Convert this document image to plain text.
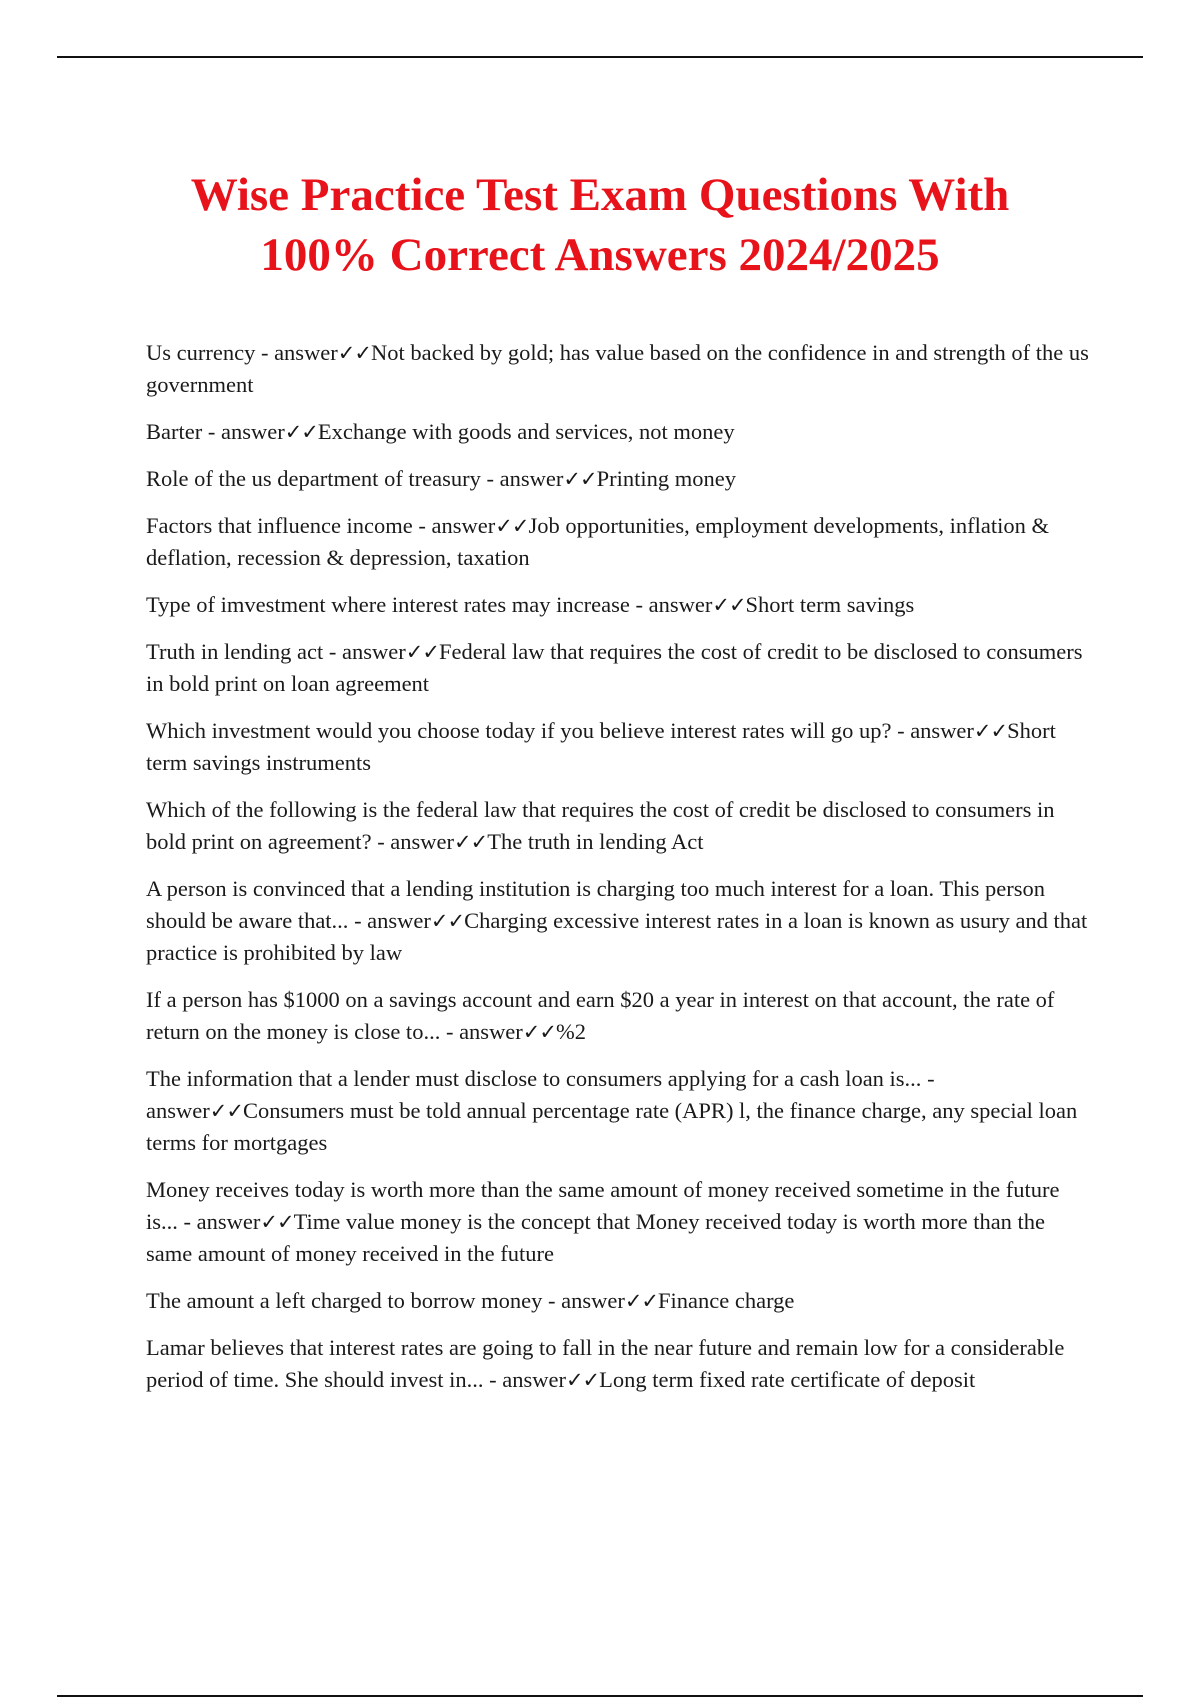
Wise Practice Test Exam Questions With
100% Correct Answers 2024/2025

Us currency - answer✓✓Not backed by gold; has value based on the confidence in and strength of the us government

Barter - answer✓✓Exchange with goods and services, not money

Role of the us department of treasury - answer✓✓Printing money

Factors that influence income - answer✓✓Job opportunities, employment developments, inflation & deflation, recession & depression, taxation

Type of imvestment where interest rates may increase - answer✓✓Short term savings

Truth in lending act - answer✓✓Federal law that requires the cost of credit to be disclosed to consumers in bold print on loan agreement

Which investment would you choose today if you believe interest rates will go up? - answer✓✓Short term savings instruments

Which of the following is the federal law that requires the cost of credit be disclosed to consumers in bold print on agreement? - answer✓✓The truth in lending Act

A person is convinced that a lending institution is charging too much interest for a loan. This person should be aware that... - answer✓✓Charging excessive interest rates in a loan is known as usury and that practice is prohibited by law

If a person has $1000 on a savings account and earn $20 a year in interest on that account, the rate of return on the money is close to... - answer✓✓%2

The information that a lender must disclose to consumers applying for a cash loan is... - answer✓✓Consumers must be told annual percentage rate (APR) l, the finance charge, any special loan terms for mortgages

Money receives today is worth more than the same amount of money received sometime in the future is... - answer✓✓Time value money is the concept that Money received today is worth more than the same amount of money received in the future

The amount a left charged to borrow money - answer✓✓Finance charge

Lamar believes that interest rates are going to fall in the near future and remain low for a considerable period of time. She should invest in... - answer✓✓Long term fixed rate certificate of deposit
